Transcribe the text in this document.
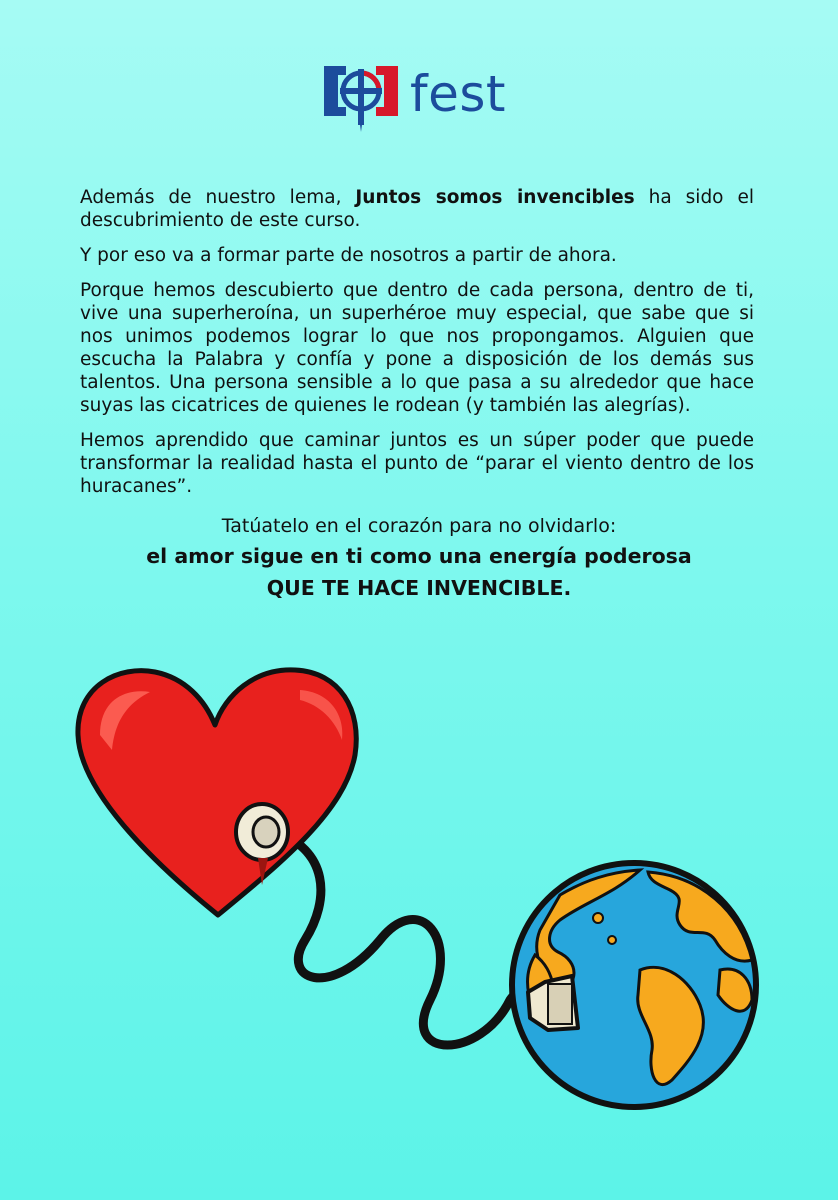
fest

Además de nuestro lema, Juntos somos invencibles ha sido el descubrimiento de este curso.

Y por eso va a formar parte de nosotros a partir de ahora.

Porque hemos descubierto que dentro de cada persona, dentro de ti, vive una superheroína, un superhéroe muy especial, que sabe que si nos unimos podemos lograr lo que nos propongamos. Alguien que escucha la Palabra y confía y pone a disposición de los demás sus talentos. Una persona sensible a lo que pasa a su alrededor que hace suyas las cicatrices de quienes le rodean (y también las alegrías).

Hemos aprendido que caminar juntos es un súper poder que puede transformar la realidad hasta el punto de “parar el viento dentro de los huracanes”.

Tatúatelo en el corazón para no olvidarlo:

el amor sigue en ti como una energía poderosa

QUE TE HACE INVENCIBLE.
